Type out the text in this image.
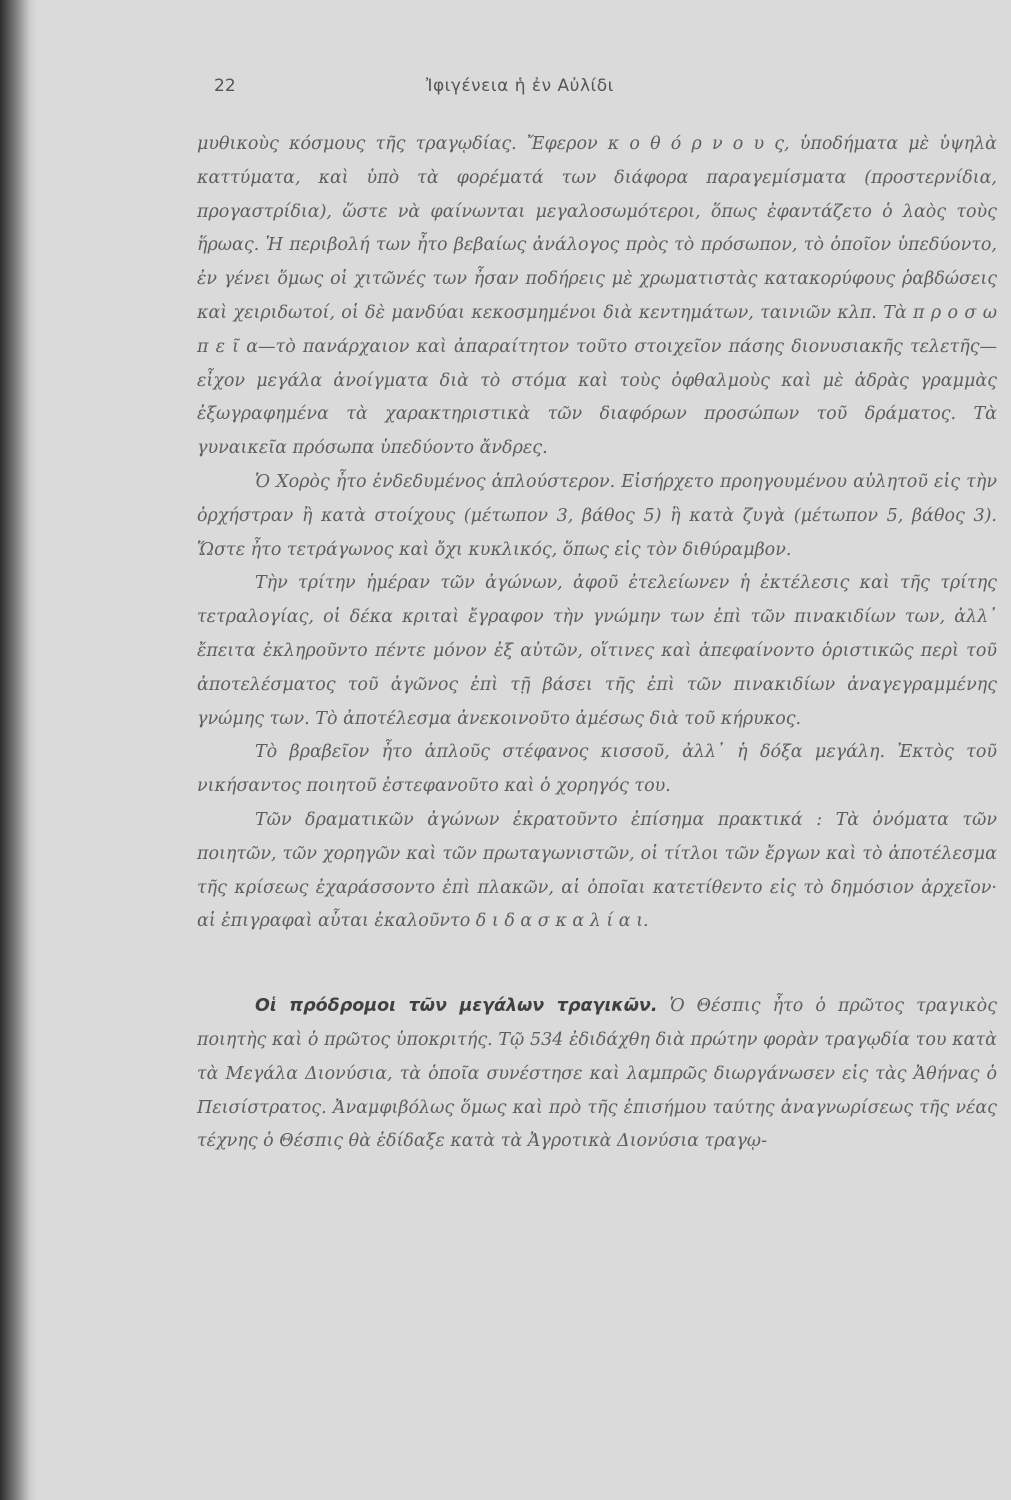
22	Ἰφιγένεια ἡ ἐν Αὐλίδι

μυθικοὺς κόσμους τῆς τραγῳδίας. Ἔφερον κ ο θ ό ρ ν ο υ ς, ὑποδήματα μὲ ὑψηλὰ καττύματα, καὶ ὑπὸ τὰ φορέματά των διάφορα παραγεμίσματα (προστερνίδια, προγαστρίδια), ὥστε νὰ φαίνωνται μεγαλοσωμότεροι, ὅπως ἐφαντάζετο ὁ λαὸς τοὺς ἥρωας. Ἡ περιβολή των ἦτο βεβαίως ἀνάλογος πρὸς τὸ πρόσωπον, τὸ ὁποῖον ὑπεδύοντο, ἐν γένει ὅμως οἱ χιτῶνές των ἦσαν ποδήρεις μὲ χρωματιστὰς κατακορύφους ῥαβδώσεις καὶ χειριδωτοί, οἱ δὲ μανδύαι κεκοσμημένοι διὰ κεντημάτων, ταινιῶν κλπ. Τὰ π ρ ο σ ω π ε ῖ α—τὸ πανάρχαιον καὶ ἀπαραίτητον τοῦτο στοιχεῖον πάσης διονυσιακῆς τελετῆς—εἶχον μεγάλα ἀνοίγματα διὰ τὸ στόμα καὶ τοὺς ὀφθαλμοὺς καὶ μὲ ἁδρὰς γραμμὰς ἐξωγραφημένα τὰ χαρακτηριστικὰ τῶν διαφόρων προσώπων τοῦ δράματος. Τὰ γυναικεῖα πρόσωπα ὑπεδύοντο ἄνδρες.

Ὁ Χορὸς ἦτο ἐνδεδυμένος ἁπλούστερον. Εἰσήρχετο προηγουμένου αὐλητοῦ εἰς τὴν ὀρχήστραν ἢ κατὰ στοίχους (μέτωπον 3, βάθος 5) ἢ κατὰ ζυγὰ (μέτωπον 5, βάθος 3). Ὥστε ἦτο τετράγωνος καὶ ὄχι κυκλικός, ὅπως εἰς τὸν διθύραμβον.

Τὴν τρίτην ἡμέραν τῶν ἀγώνων, ἀφοῦ ἐτελείωνεν ἡ ἐκτέλεσις καὶ τῆς τρίτης τετραλογίας, οἱ δέκα κριταὶ ἔγραφον τὴν γνώμην των ἐπὶ τῶν πινακιδίων των, ἀλλ᾽ ἔπειτα ἐκληροῦντο πέντε μόνον ἐξ αὐτῶν, οἵτινες καὶ ἀπεφαίνοντο ὁριστικῶς περὶ τοῦ ἀποτελέσματος τοῦ ἀγῶνος ἐπὶ τῇ βάσει τῆς ἐπὶ τῶν πινακιδίων ἀναγεγραμμένης γνώμης των. Τὸ ἀποτέλεσμα ἀνεκοινοῦτο ἀμέσως διὰ τοῦ κήρυκος.

Τὸ βραβεῖον ἦτο ἁπλοῦς στέφανος κισσοῦ, ἀλλ᾽ ἡ δόξα μεγάλη. Ἐκτὸς τοῦ νικήσαντος ποιητοῦ ἐστεφανοῦτο καὶ ὁ χορηγός του.

Τῶν δραματικῶν ἀγώνων ἐκρατοῦντο ἐπίσημα πρακτικά : Τὰ ὀνόματα τῶν ποιητῶν, τῶν χορηγῶν καὶ τῶν πρωταγωνιστῶν, οἱ τίτλοι τῶν ἔργων καὶ τὸ ἀποτέλεσμα τῆς κρίσεως ἐχαράσσοντο ἐπὶ πλακῶν, αἱ ὁποῖαι κατετίθεντο εἰς τὸ δημόσιον ἀρχεῖον· αἱ ἐπιγραφαὶ αὗται ἐκαλοῦντο δ ι δ α σ κ α λ ί α ι.

Οἱ πρόδρομοι τῶν μεγάλων τραγικῶν. Ὁ Θέσπις ἦτο ὁ πρῶτος τραγικὸς ποιητὴς καὶ ὁ πρῶτος ὑποκριτής. Τῷ 534 ἐδιδάχθη διὰ πρώτην φορὰν τραγῳδία του κατὰ τὰ Μεγάλα Διονύσια, τὰ ὁποῖα συνέστησε καὶ λαμπρῶς διωργάνωσεν εἰς τὰς Ἀθήνας ὁ Πεισίστρατος. Ἀναμφιβόλως ὅμως καὶ πρὸ τῆς ἐπισήμου ταύτης ἀναγνωρίσεως τῆς νέας τέχνης ὁ Θέσπις θὰ ἐδίδαξε κατὰ τὰ Ἀγροτικὰ Διονύσια τραγῳ-
